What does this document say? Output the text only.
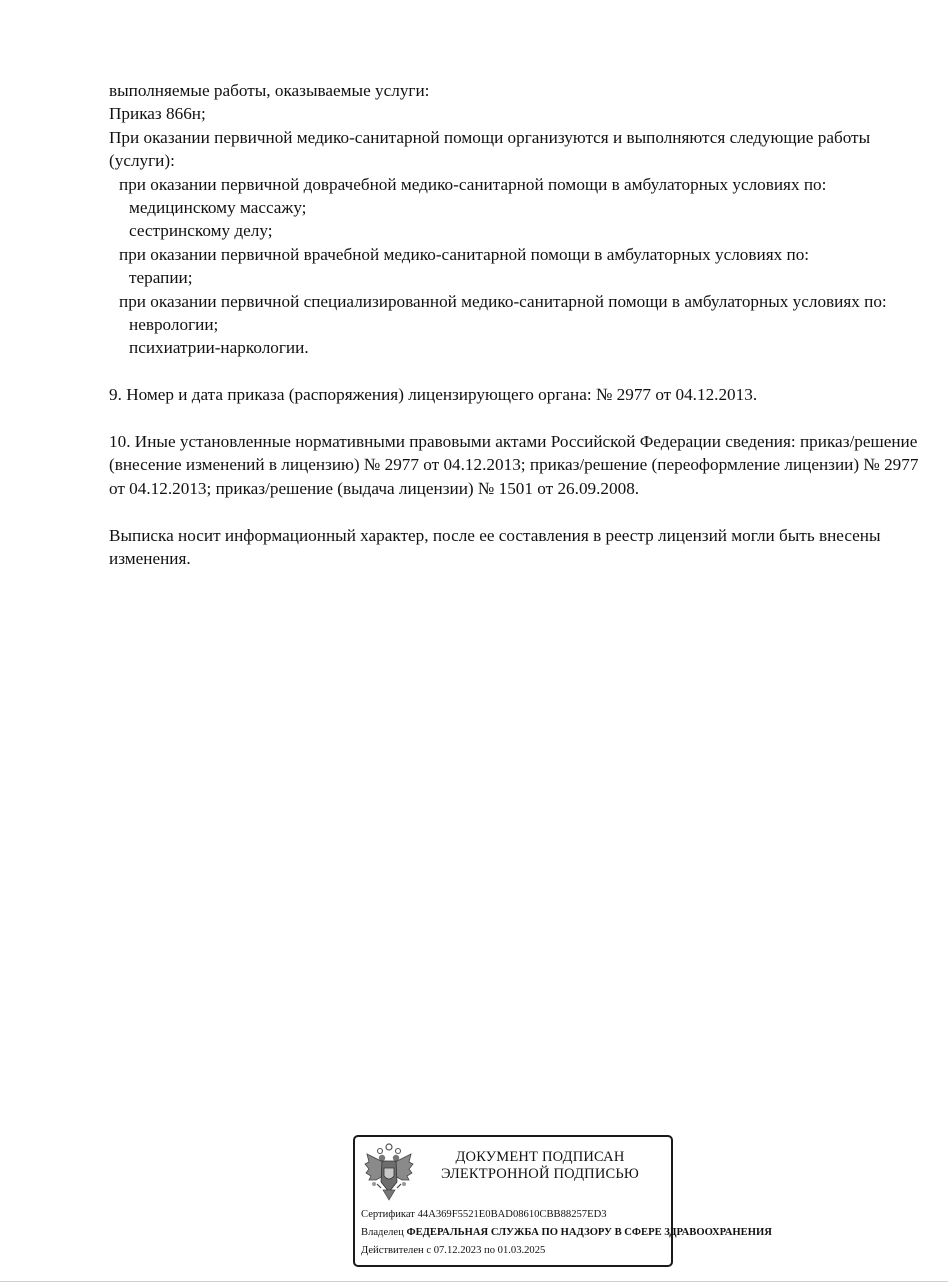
выполняемые работы, оказываемые услуги:

Приказ 866н;

При оказании первичной медико-санитарной помощи организуются и выполняются следующие работы (услуги):

при оказании первичной доврачебной медико-санитарной помощи в амбулаторных условиях по:

медицинскому массажу;

сестринскому делу;

при оказании первичной врачебной медико-санитарной помощи в амбулаторных условиях по:

терапии;

при оказании первичной специализированной медико-санитарной помощи в амбулаторных условиях по:

неврологии;

психиатрии-наркологии.

9. Номер и дата приказа (распоряжения) лицензирующего органа: № 2977 от 04.12.2013.

10. Иные установленные нормативными правовыми актами Российской Федерации сведения: приказ/решение (внесение изменений в лицензию) № 2977 от 04.12.2013; приказ/решение (переоформление лицензии) № 2977 от 04.12.2013; приказ/решение (выдача лицензии) № 1501 от 26.09.2008.

Выписка носит информационный характер, после ее составления в реестр лицензий могли быть внесены изменения.

ДОКУМЕНТ ПОДПИСАН
ЭЛЕКТРОННОЙ ПОДПИСЬЮ
Сертификат 44A369F5521E0BAD08610CBB88257ED3
Владелец ФЕДЕРАЛЬНАЯ СЛУЖБА ПО НАДЗОРУ В СФЕРЕ ЗДРАВООХРАНЕНИЯ
Действителен с 07.12.2023 по 01.03.2025
